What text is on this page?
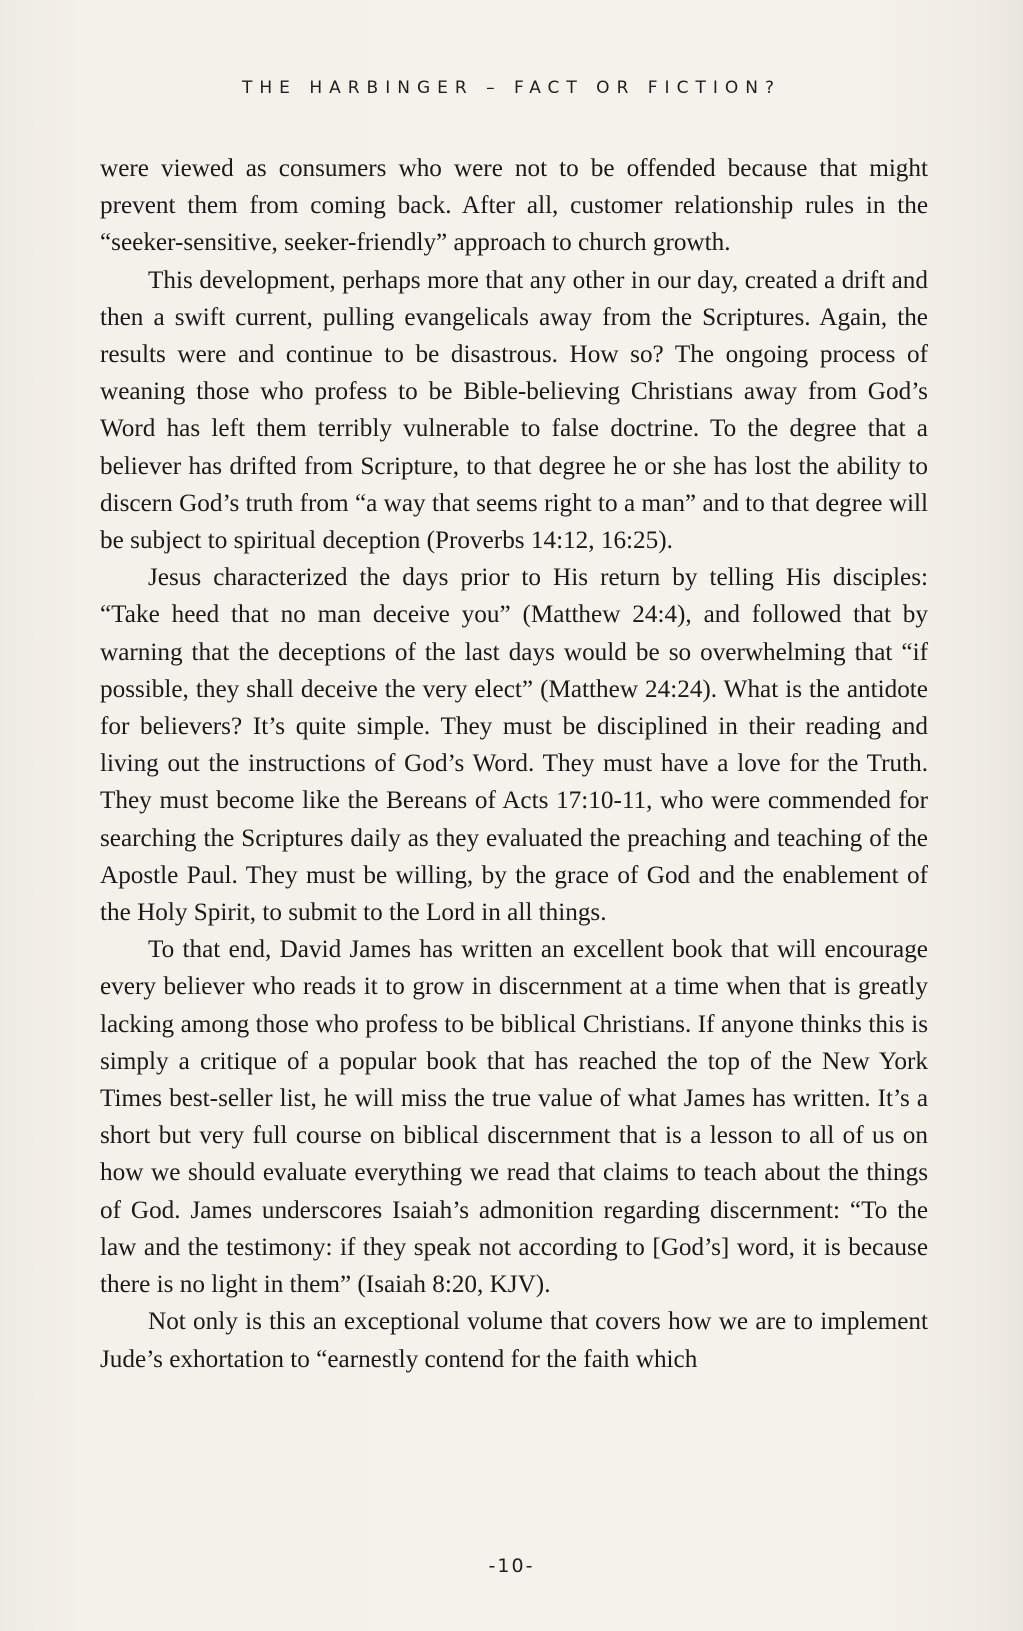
THE HARBINGER – FACT OR FICTION?

were viewed as consumers who were not to be offended because that might prevent them from coming back. After all, customer relationship rules in the “seeker-sensitive, seeker-friendly” approach to church growth.

This development, perhaps more that any other in our day, created a drift and then a swift current, pulling evangelicals away from the Scriptures. Again, the results were and continue to be disastrous. How so? The ongoing process of weaning those who profess to be Bible-believing Christians away from God’s Word has left them terribly vulnerable to false doctrine. To the degree that a believer has drifted from Scripture, to that degree he or she has lost the ability to discern God’s truth from “a way that seems right to a man” and to that degree will be subject to spiritual deception (Proverbs 14:12, 16:25).

Jesus characterized the days prior to His return by telling His disciples: “Take heed that no man deceive you” (Matthew 24:4), and followed that by warning that the deceptions of the last days would be so overwhelming that “if possible, they shall deceive the very elect” (Matthew 24:24). What is the antidote for believers? It’s quite simple. They must be disciplined in their reading and living out the instructions of God’s Word. They must have a love for the Truth. They must become like the Bereans of Acts 17:10-11, who were commended for searching the Scriptures daily as they evaluated the preaching and teaching of the Apostle Paul. They must be willing, by the grace of God and the enablement of the Holy Spirit, to submit to the Lord in all things.

To that end, David James has written an excellent book that will encourage every believer who reads it to grow in discernment at a time when that is greatly lacking among those who profess to be biblical Christians. If anyone thinks this is simply a critique of a popular book that has reached the top of the New York Times best-seller list, he will miss the true value of what James has written. It’s a short but very full course on biblical discernment that is a lesson to all of us on how we should evaluate everything we read that claims to teach about the things of God. James underscores Isaiah’s admonition regarding discernment: “To the law and the testimony: if they speak not according to [God’s] word, it is because there is no light in them” (Isaiah 8:20, KJV).

Not only is this an exceptional volume that covers how we are to implement Jude’s exhortation to “earnestly contend for the faith which

-10-
